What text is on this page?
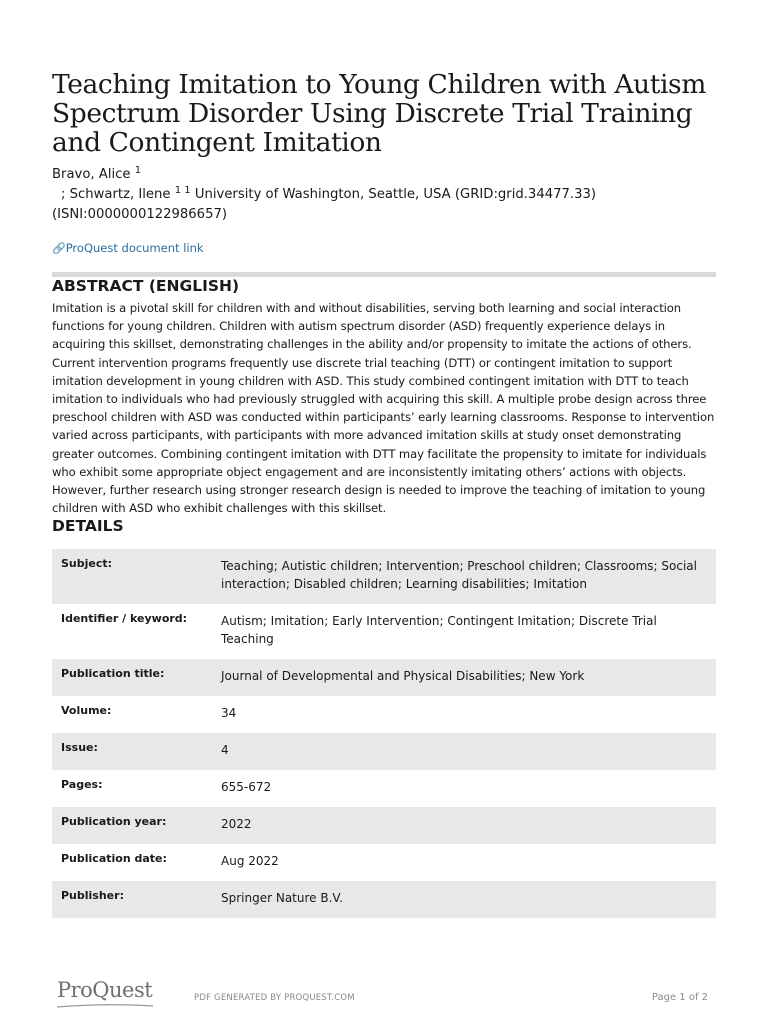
Teaching Imitation to Young Children with Autism Spectrum Disorder Using Discrete Trial Training and Contingent Imitation
Bravo, Alice $^1$
; Schwartz, Ilene $^{1 1}$ University of Washington, Seattle, USA (GRID:grid.34477.33)
(ISNI:0000000122986657)
🔗ProQuest document link
ABSTRACT (ENGLISH)
Imitation is a pivotal skill for children with and without disabilities, serving both learning and social interaction functions for young children. Children with autism spectrum disorder (ASD) frequently experience delays in acquiring this skillset, demonstrating challenges in the ability and/or propensity to imitate the actions of others. Current intervention programs frequently use discrete trial teaching (DTT) or contingent imitation to support imitation development in young children with ASD. This study combined contingent imitation with DTT to teach imitation to individuals who had previously struggled with acquiring this skill. A multiple probe design across three preschool children with ASD was conducted within participants’ early learning classrooms. Response to intervention varied across participants, with participants with more advanced imitation skills at study onset demonstrating greater outcomes. Combining contingent imitation with DTT may facilitate the propensity to imitate for individuals who exhibit some appropriate object engagement and are inconsistently imitating others’ actions with objects. However, further research using stronger research design is needed to improve the teaching of imitation to young children with ASD who exhibit challenges with this skillset.
DETAILS
Subject:	Teaching; Autistic children; Intervention; Preschool children; Classrooms; Social interaction; Disabled children; Learning disabilities; Imitation
Identifier / keyword:	Autism; Imitation; Early Intervention; Contingent Imitation; Discrete Trial Teaching
Publication title:	Journal of Developmental and Physical Disabilities; New York
Volume:	34
Issue:	4
Pages:	655-672
Publication year:	2022
Publication date:	Aug 2022
Publisher:	Springer Nature B.V.
ProQuest	PDF GENERATED BY PROQUEST.COM	Page 1 of 2
